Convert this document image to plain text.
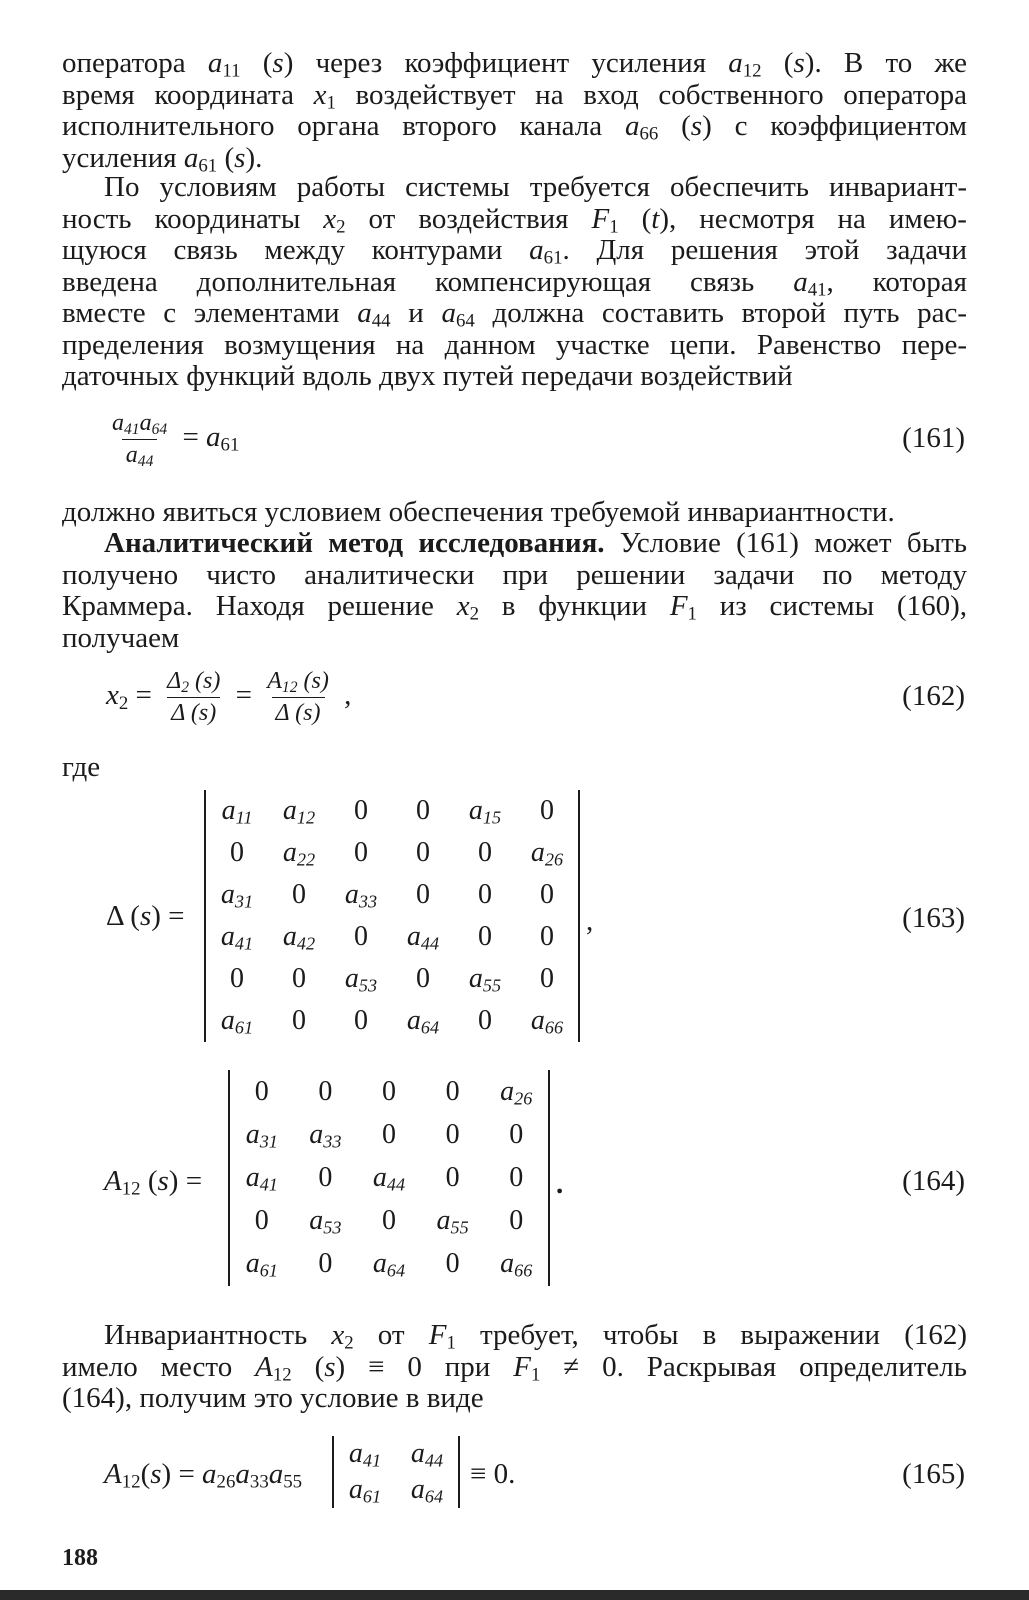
оператора $a_{11}$ (s) через коэффициент усиления $a_{12}$ (s). В то же
время координата $x_1$ воздействует на вход собственного оператора
исполнительного органа второго канала $a_{66}$ (s) с коэффициентом
усиления $a_{61}$ (s).
По условиям работы системы требуется обеспечить инвариант-
ность координаты $x_2$ от воздействия $F_1$ (t), несмотря на имею-
щуюся связь между контурами $a_{61}$. Для решения этой задачи
введена дополнительная компенсирующая связь $a_{41}$, которая
вместе с элементами $a_{44}$ и $a_{64}$ должна составить второй путь рас-
пределения возмущения на данном участке цепи. Равенство пере-
даточных функций вдоль двух путей передачи воздействий
$\frac{a_{41}a_{64}}{a_{44}} = a_{61}$	(161)
должно явиться условием обеспечения требуемой инвариантности.
Аналитический метод исследования. Условие (161) может быть
получено чисто аналитически при решении задачи по методу
Краммера. Находя решение $x_2$ в функции $F_1$ из системы (160),
получаем
$x_2 = \frac{\Delta_2 (s)}{\Delta (s)} = \frac{A_{12} (s)}{\Delta (s)}$ ,	(162)
где
Δ (s) =
$a_{11}$	$a_{12}$	0	0	$a_{15}$	0
0	$a_{22}$	0	0	0	$a_{26}$
$a_{31}$	0	$a_{33}$	0	0	0
$a_{41}$	$a_{42}$	0	$a_{44}$	0	0
0	0	$a_{53}$	0	$a_{55}$	0
$a_{61}$	0	0	$a_{64}$	0	$a_{66}$
,	(163)
$A_{12}$ (s) =
0	0	0	0	$a_{26}$
$a_{31}$	$a_{33}$	0	0	0
$a_{41}$	0	$a_{44}$	0	0
0	$a_{53}$	0	$a_{55}$	0
$a_{61}$	0	$a_{64}$	0	$a_{66}$
.	(164)
Инвариантность $x_2$ от $F_1$ требует, чтобы в выражении (162)
имело место $A_{12}$ (s) ≡ 0 при $F_1 \ne 0$. Раскрывая определитель
(164), получим это условие в виде
$A_{12}(s) = a_{26}a_{33}a_{55}$
$a_{41}$	$a_{44}$
$a_{61}$	$a_{64}$
≡ 0.	(165)
188
